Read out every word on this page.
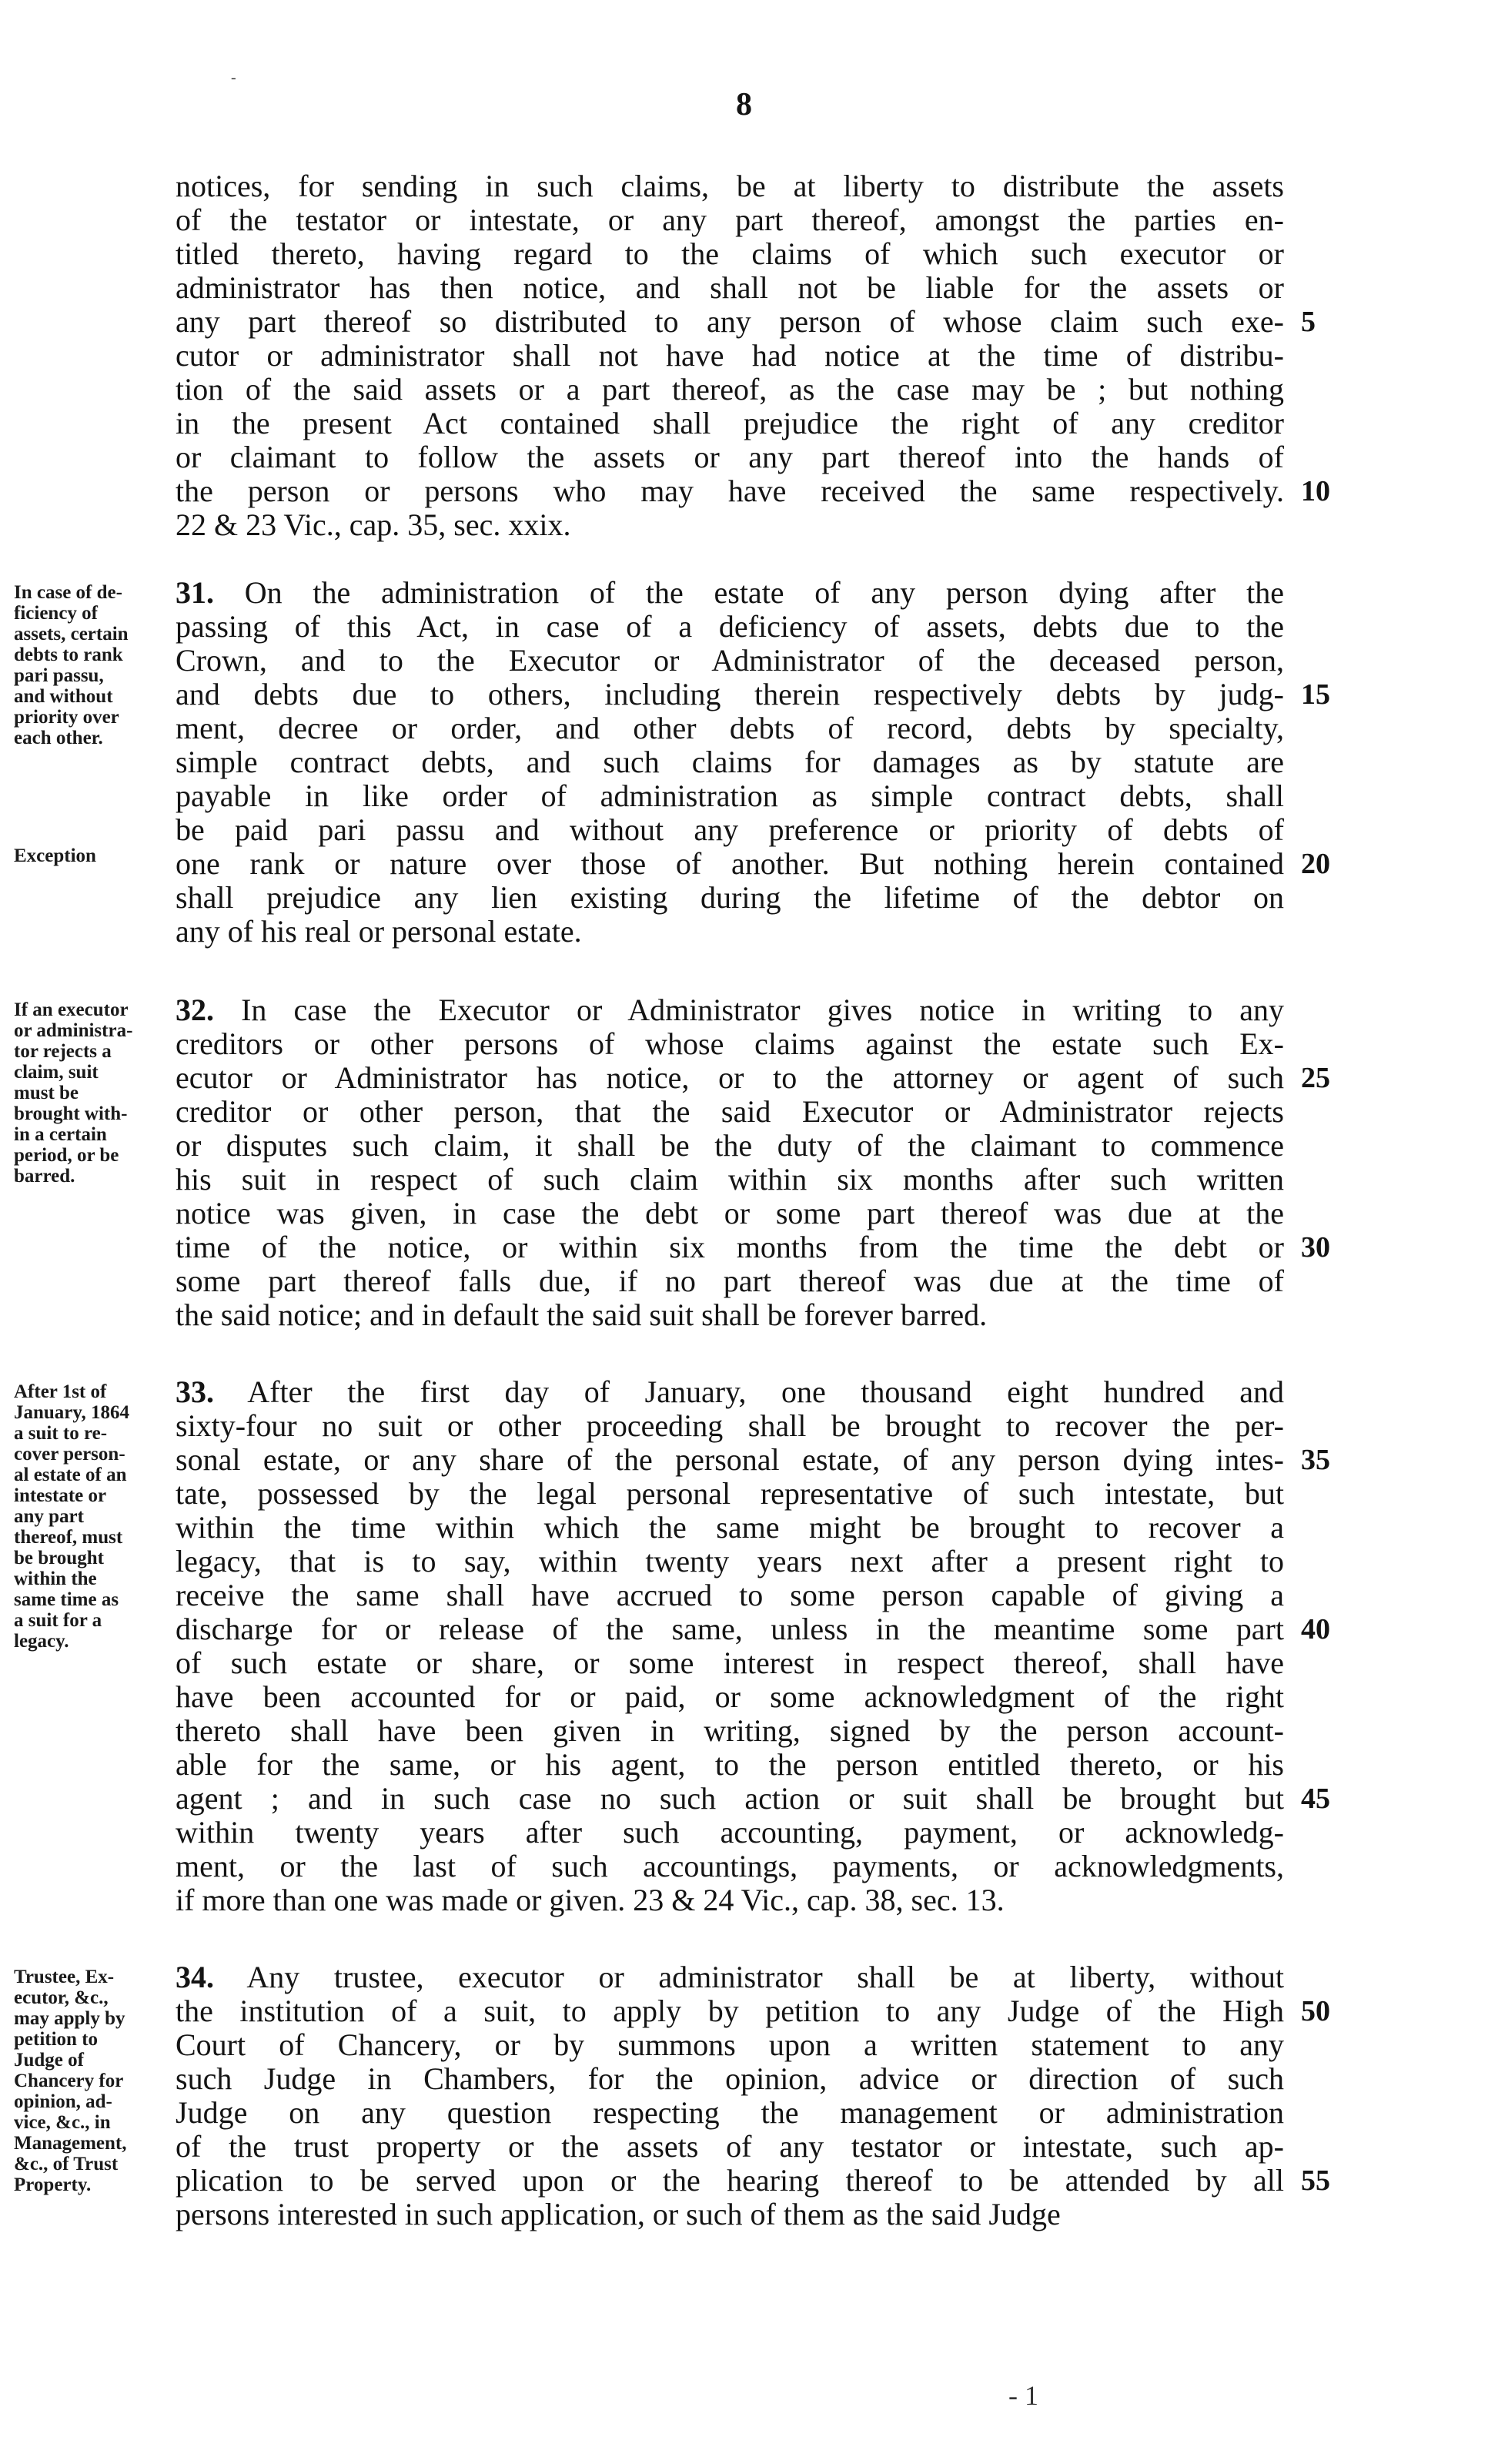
8
notices, for sending in such claims, be at liberty to distribute the assets
of the testator or intestate, or any part thereof, amongst the parties en-
titled thereto, having regard to the claims of which such executor or
administrator has then notice, and shall not be liable for the assets or
any part thereof so distributed to any person of whose claim such exe- 5
cutor or administrator shall not have had notice at the time of distribu-
tion of the said assets or a part thereof, as the case may be ; but nothing
in the present Act contained shall prejudice the right of any creditor
or claimant to follow the assets or any part thereof into the hands of
the person or persons who may have received the same respectively. 10
22 & 23 Vic., cap. 35, sec. xxix.
31. On the administration of the estate of any person dying after the
passing of this Act, in case of a deficiency of assets, debts due to the
Crown, and to the Executor or Administrator of the deceased person,
and debts due to others, including therein respectively debts by judg- 15
ment, decree or order, and other debts of record, debts by specialty,
simple contract debts, and such claims for damages as by statute are
payable in like order of administration as simple contract debts, shall
be paid pari passu and without any preference or priority of debts of
one rank or nature over those of another. But nothing herein contained 20
shall prejudice any lien existing during the lifetime of the debtor on
any of his real or personal estate.
In case of de-
ficiency of
assets, certain
debts to rank
pari passu,
and without
priority over
each other.
Exception
32. In case the Executor or Administrator gives notice in writing to any
creditors or other persons of whose claims against the estate such Ex-
ecutor or Administrator has notice, or to the attorney or agent of such 25
creditor or other person, that the said Executor or Administrator rejects
or disputes such claim, it shall be the duty of the claimant to commence
his suit in respect of such claim within six months after such written
notice was given, in case the debt or some part thereof was due at the
time of the notice, or within six months from the time the debt or 30
some part thereof falls due, if no part thereof was due at the time of
the said notice; and in default the said suit shall be forever barred.
If an executor
or administra-
tor rejects a
claim, suit
must be
brought with-
in a certain
period, or be
barred.
33. After the first day of January, one thousand eight hundred and
sixty-four no suit or other proceeding shall be brought to recover the per-
sonal estate, or any share of the personal estate, of any person dying intes- 35
tate, possessed by the legal personal representative of such intestate, but
within the time within which the same might be brought to recover a
legacy, that is to say, within twenty years next after a present right to
receive the same shall have accrued to some person capable of giving a
discharge for or release of the same, unless in the meantime some part 40
of such estate or share, or some interest in respect thereof, shall have
have been accounted for or paid, or some acknowledgment of the right
thereto shall have been given in writing, signed by the person account-
able for the same, or his agent, to the person entitled thereto, or his
agent ; and in such case no such action or suit shall be brought but 45
within twenty years after such accounting, payment, or acknowledg-
ment, or the last of such accountings, payments, or acknowledgments,
if more than one was made or given. 23 & 24 Vic., cap. 38, sec. 13.
After 1st of
January, 1864
a suit to re-
cover person-
al estate of an
intestate or
any part
thereof, must
be brought
within the
same time as
a suit for a
legacy.
34. Any trustee, executor or administrator shall be at liberty, without
the institution of a suit, to apply by petition to any Judge of the High 50
Court of Chancery, or by summons upon a written statement to any
such Judge in Chambers, for the opinion, advice or direction of such
Judge on any question respecting the management or administration
of the trust property or the assets of any testator or intestate, such ap-
plication to be served upon or the hearing thereof to be attended by all 55
persons interested in such application, or such of them as the said Judge
Trustee, Ex-
ecutor, &c.,
may apply by
petition to
Judge of
Chancery for
opinion, ad-
vice, &c., in
Management,
&c., of Trust
Property.
-
- 1
